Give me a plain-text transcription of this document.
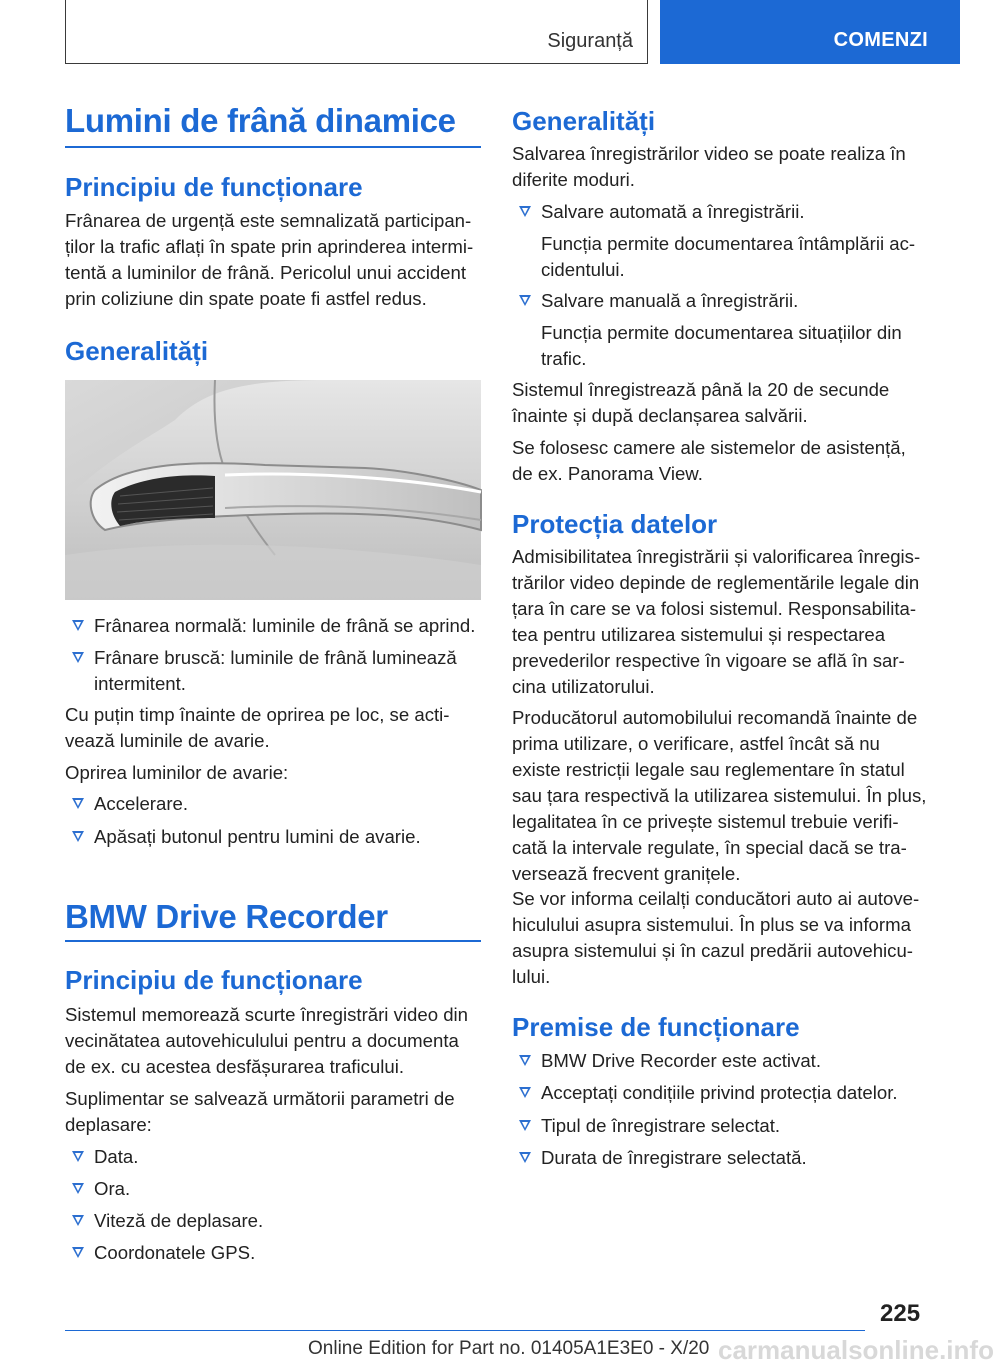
Siguranță	COMENZI
Lumini de frână dinamice
Principiu de funcționare
Frânarea de urgență este semnalizată participan‐
ților la trafic aflați în spate prin aprinderea intermi‐
tentă a luminilor de frână. Pericolul unui accident
prin coliziune din spate poate fi astfel redus.
Generalități
Frânarea normală: luminile de frână se aprind.
Frânare bruscă: luminile de frână luminează
intermitent.
Cu puțin timp înainte de oprirea pe loc, se acti‐
vează luminile de avarie.
Oprirea luminilor de avarie:
Accelerare.
Apăsați butonul pentru lumini de avarie.
BMW Drive Recorder
Principiu de funcționare
Sistemul memorează scurte înregistrări video din
vecinătatea autovehiculului pentru a documenta
de ex. cu acestea desfășurarea traficului.
Suplimentar se salvează următorii parametri de
deplasare:
Data.
Ora.
Viteză de deplasare.
Coordonatele GPS.
Generalități
Salvarea înregistrărilor video se poate realiza în
diferite moduri.
Salvare automată a înregistrării.
Funcția permite documentarea întâmplării ac‐
cidentului.
Salvare manuală a înregistrării.
Funcția permite documentarea situațiilor din
trafic.
Sistemul înregistrează până la 20 de secunde
înainte și după declanșarea salvării.
Se folosesc camere ale sistemelor de asistență,
de ex. Panorama View.
Protecția datelor
Admisibilitatea înregistrării și valorificarea înregis‐
trărilor video depinde de reglementările legale din
țara în care se va folosi sistemul. Responsabilita‐
tea pentru utilizarea sistemului și respectarea
prevederilor respective în vigoare se află în sar‐
cina utilizatorului.
Producătorul automobilului recomandă înainte de
prima utilizare, o verificare, astfel încât să nu
existe restricții legale sau reglementare în statul
sau țara respectivă la utilizarea sistemului. În plus,
legalitatea în ce privește sistemul trebuie verifi‐
cată la intervale regulate, în special dacă se tra‐
versează frecvent granițele.
Se vor informa ceilalți conducători auto ai autove‐
hiculului asupra sistemului. În plus se va informa
asupra sistemului și în cazul predării autovehicu‐
lului.
Premise de funcționare
BMW Drive Recorder este activat.
Acceptați condițiile privind protecția datelor.
Tipul de înregistrare selectat.
Durata de înregistrare selectată.
225
Online Edition for Part no. 01405A1E3E0 - X/20 carmanualsonline.info
